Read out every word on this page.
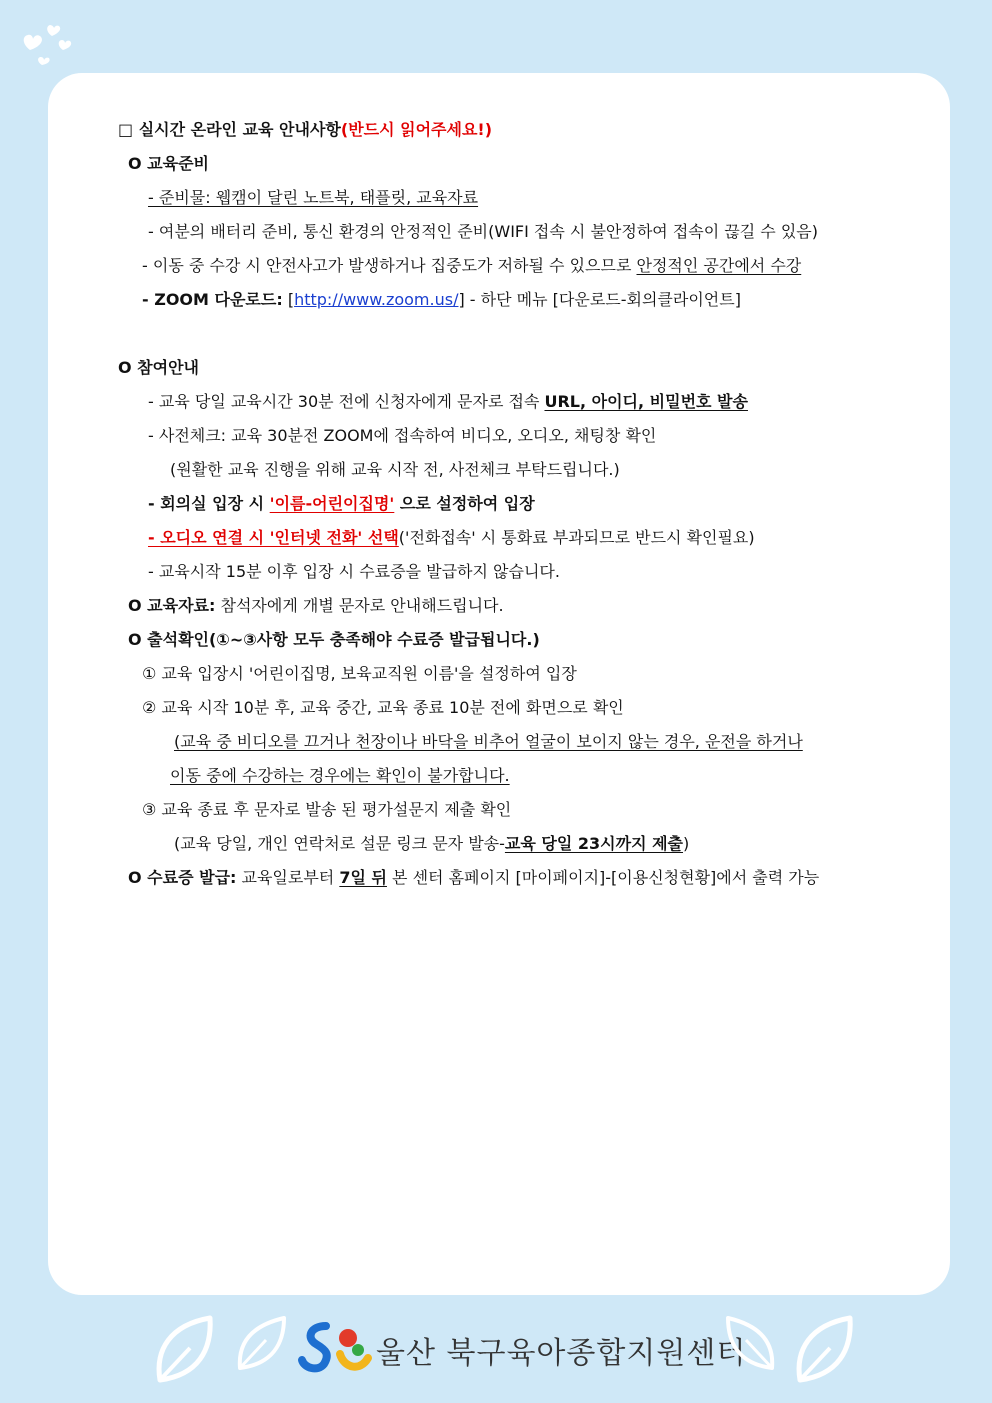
□ 실시간 온라인 교육 안내사항(반드시 읽어주세요!)
O 교육준비
- 준비물: 웹캠이 달린 노트북, 태플릿, 교육자료
- 여분의 배터리 준비, 통신 환경의 안정적인 준비(WIFI 접속 시 불안정하여 접속이 끊길 수 있음)
- 이동 중 수강 시 안전사고가 발생하거나 집중도가 저하될 수 있으므로 안정적인 공간에서 수강
- ZOOM 다운로드: [http://www.zoom.us/] - 하단 메뉴 [다운로드-회의클라이언트]
O 참여안내
- 교육 당일 교육시간 30분 전에 신청자에게 문자로 접속 URL, 아이디, 비밀번호 발송
- 사전체크: 교육 30분전 ZOOM에 접속하여 비디오, 오디오, 채팅창 확인
(원활한 교육 진행을 위해 교육 시작 전, 사전체크 부탁드립니다.)
- 회의실 입장 시 '이름-어린이집명' 으로 설정하여 입장
- 오디오 연결 시 '인터넷 전화' 선택('전화접속' 시 통화료 부과되므로 반드시 확인필요)
- 교육시작 15분 이후 입장 시 수료증을 발급하지 않습니다.
O 교육자료: 참석자에게 개별 문자로 안내해드립니다.
O 출석확인(①~③사항 모두 충족해야 수료증 발급됩니다.)
① 교육 입장시 '어린이집명, 보육교직원 이름'을 설정하여 입장
② 교육 시작 10분 후, 교육 중간, 교육 종료 10분 전에 화면으로 확인
(교육 중 비디오를 끄거나 천장이나 바닥을 비추어 얼굴이 보이지 않는 경우, 운전을 하거나
이동 중에 수강하는 경우에는 확인이 불가합니다.
③ 교육 종료 후 문자로 발송 된 평가설문지 제출 확인
(교육 당일, 개인 연락처로 설문 링크 문자 발송-교육 당일 23시까지 제출)
O 수료증 발급: 교육일로부터 7일 뒤 본 센터 홈페이지 [마이페이지]-[이용신청현황]에서 출력 가능
울산 북구육아종합지원센터
